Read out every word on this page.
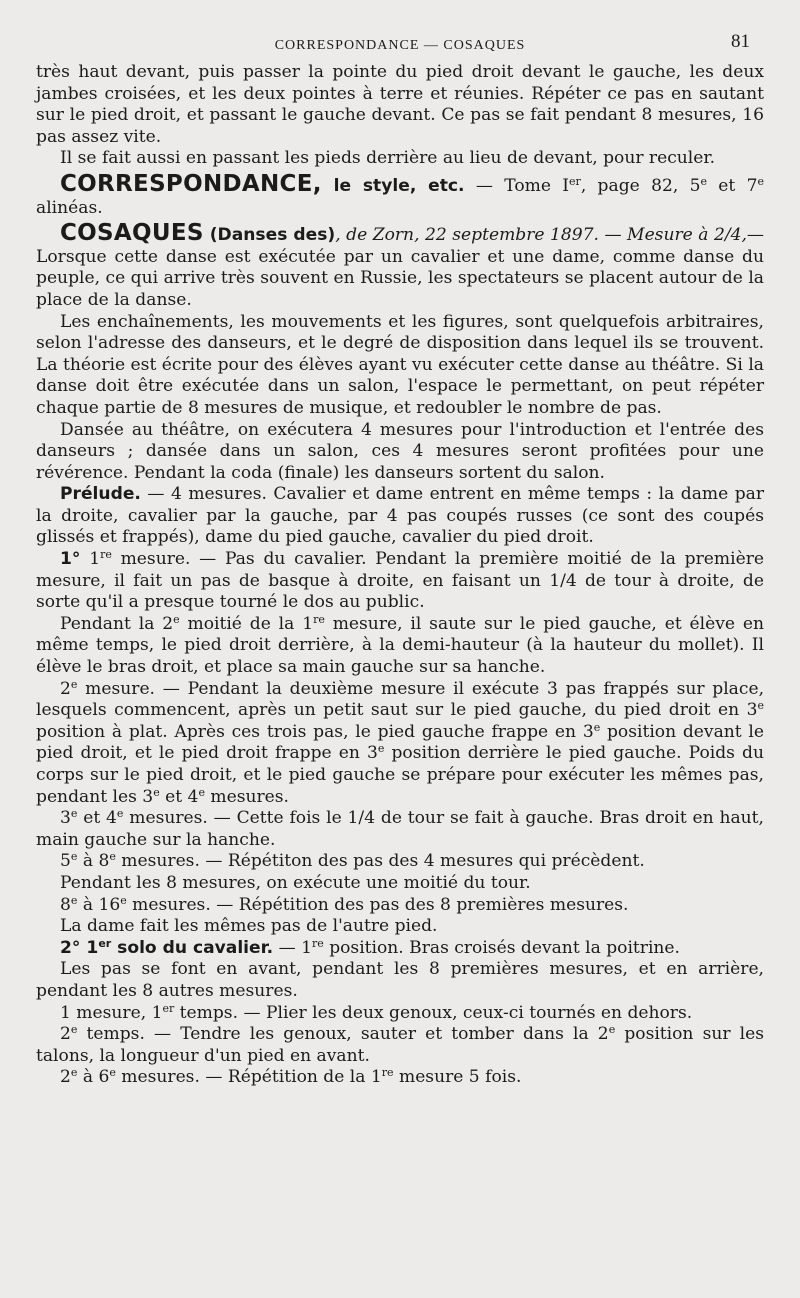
CORRESPONDANCE — COSAQUES	81

très haut devant, puis passer la pointe du pied droit devant le gauche, les deux jambes croisées, et les deux pointes à terre et réunies. Répéter ce pas en sautant sur le pied droit, et passant le gauche devant. Ce pas se fait pendant 8 mesures, 16 pas assez vite.

Il se fait aussi en passant les pieds derrière au lieu de devant, pour reculer.

CORRESPONDANCE, le style, etc. — Tome Ier, page 82, 5e et 7e alinéas.

COSAQUES (Danses des), de Zorn, 22 septembre 1897. — Mesure à 2/4,— Lorsque cette danse est exécutée par un cavalier et une dame, comme danse du peuple, ce qui arrive très souvent en Russie, les spectateurs se placent autour de la place de la danse.

Les enchaînements, les mouvements et les figures, sont quelquefois arbitraires, selon l'adresse des danseurs, et le degré de disposition dans lequel ils se trouvent. La théorie est écrite pour des élèves ayant vu exécuter cette danse au théâtre. Si la danse doit être exécutée dans un salon, l'espace le permettant, on peut répéter chaque partie de 8 mesures de musique, et redoubler le nombre de pas.

Dansée au théâtre, on exécutera 4 mesures pour l'introduction et l'entrée des danseurs ; dansée dans un salon, ces 4 mesures seront profitées pour une révérence. Pendant la coda (finale) les danseurs sortent du salon.

Prélude. — 4 mesures. Cavalier et dame entrent en même temps : la dame par la droite, cavalier par la gauche, par 4 pas coupés russes (ce sont des coupés glissés et frappés), dame du pied gauche, cavalier du pied droit.

1° 1re mesure. — Pas du cavalier. Pendant la première moitié de la première mesure, il fait un pas de basque à droite, en faisant un 1/4 de tour à droite, de sorte qu'il a presque tourné le dos au public.

Pendant la 2e moitié de la 1re mesure, il saute sur le pied gauche, et élève en même temps, le pied droit derrière, à la demi-hauteur (à la hauteur du mollet). Il élève le bras droit, et place sa main gauche sur sa hanche.

2e mesure. — Pendant la deuxième mesure il exécute 3 pas frappés sur place, lesquels commencent, après un petit saut sur le pied gauche, du pied droit en 3e position à plat. Après ces trois pas, le pied gauche frappe en 3e position devant le pied droit, et le pied droit frappe en 3e position derrière le pied gauche. Poids du corps sur le pied droit, et le pied gauche se prépare pour exécuter les mêmes pas, pendant les 3e et 4e mesures.

3e et 4e mesures. — Cette fois le 1/4 de tour se fait à gauche. Bras droit en haut, main gauche sur la hanche.

5e à 8e mesures. — Répétiton des pas des 4 mesures qui précèdent.

Pendant les 8 mesures, on exécute une moitié du tour.

8e à 16e mesures. — Répétition des pas des 8 premières mesures.

La dame fait les mêmes pas de l'autre pied.

2° 1er solo du cavalier. — 1re position. Bras croisés devant la poitrine.

Les pas se font en avant, pendant les 8 premières mesures, et en arrière, pendant les 8 autres mesures.

1 mesure, 1er temps. — Plier les deux genoux, ceux-ci tournés en dehors.

2e temps. — Tendre les genoux, sauter et tomber dans la 2e position sur les talons, la longueur d'un pied en avant.

2e à 6e mesures. — Répétition de la 1re mesure 5 fois.
